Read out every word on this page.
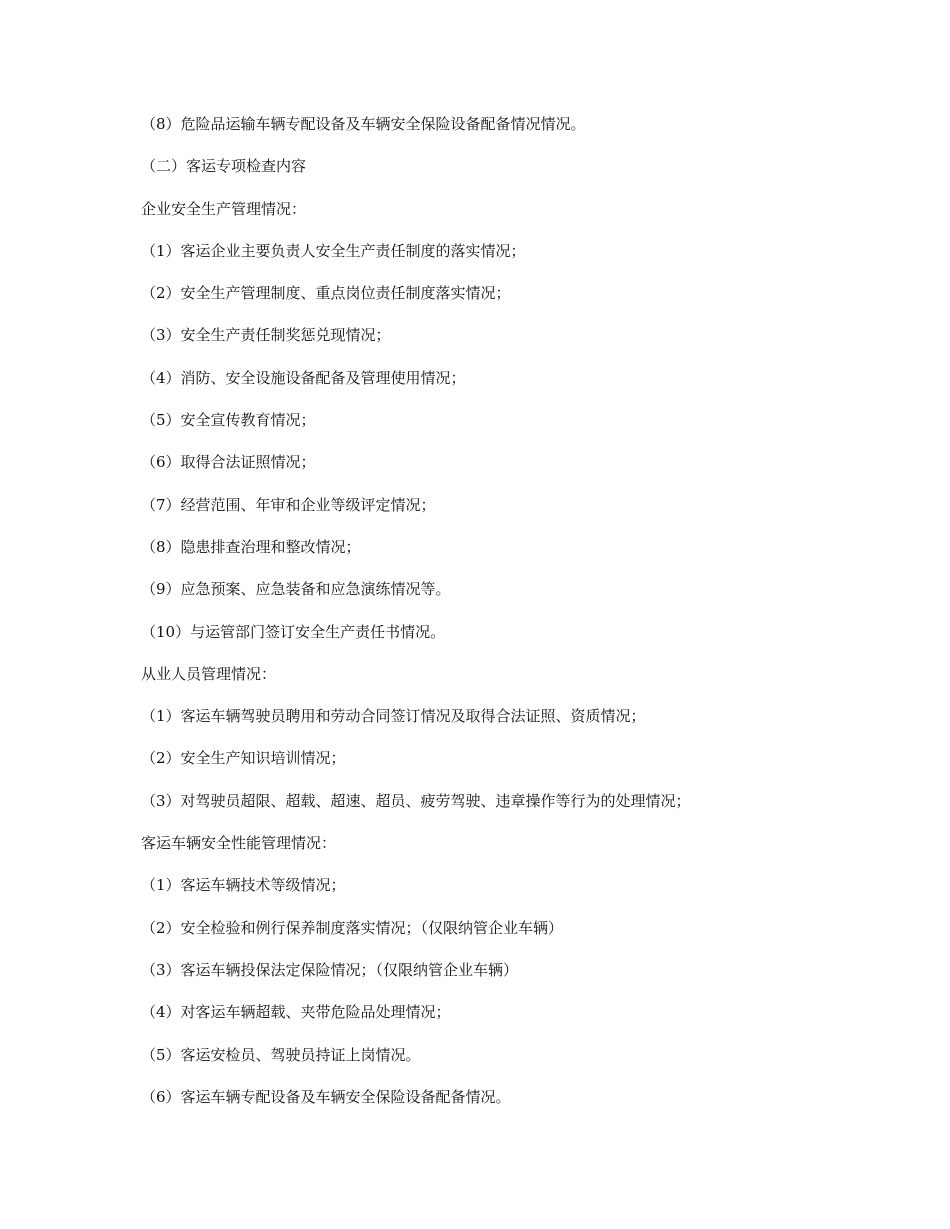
（8）危险品运输车辆专配设备及车辆安全保险设备配备情况情况。
（二）客运专项检查内容
企业安全生产管理情况：
（1）客运企业主要负责人安全生产责任制度的落实情况；
（2）安全生产管理制度、重点岗位责任制度落实情况；
（3）安全生产责任制奖惩兑现情况；
（4）消防、安全设施设备配备及管理使用情况；
（5）安全宣传教育情况；
（6）取得合法证照情况；
（7）经营范围、年审和企业等级评定情况；
（8）隐患排查治理和整改情况；
（9）应急预案、应急装备和应急演练情况等。
（10）与运管部门签订安全生产责任书情况。
从业人员管理情况：
（1）客运车辆驾驶员聘用和劳动合同签订情况及取得合法证照、资质情况；
（2）安全生产知识培训情况；
（3）对驾驶员超限、超载、超速、超员、疲劳驾驶、违章操作等行为的处理情况；
客运车辆安全性能管理情况：
（1）客运车辆技术等级情况；
（2）安全检验和例行保养制度落实情况；（仅限纳管企业车辆）
（3）客运车辆投保法定保险情况；（仅限纳管企业车辆）
（4）对客运车辆超载、夹带危险品处理情况；
（5）客运安检员、驾驶员持证上岗情况。
（6）客运车辆专配设备及车辆安全保险设备配备情况。
